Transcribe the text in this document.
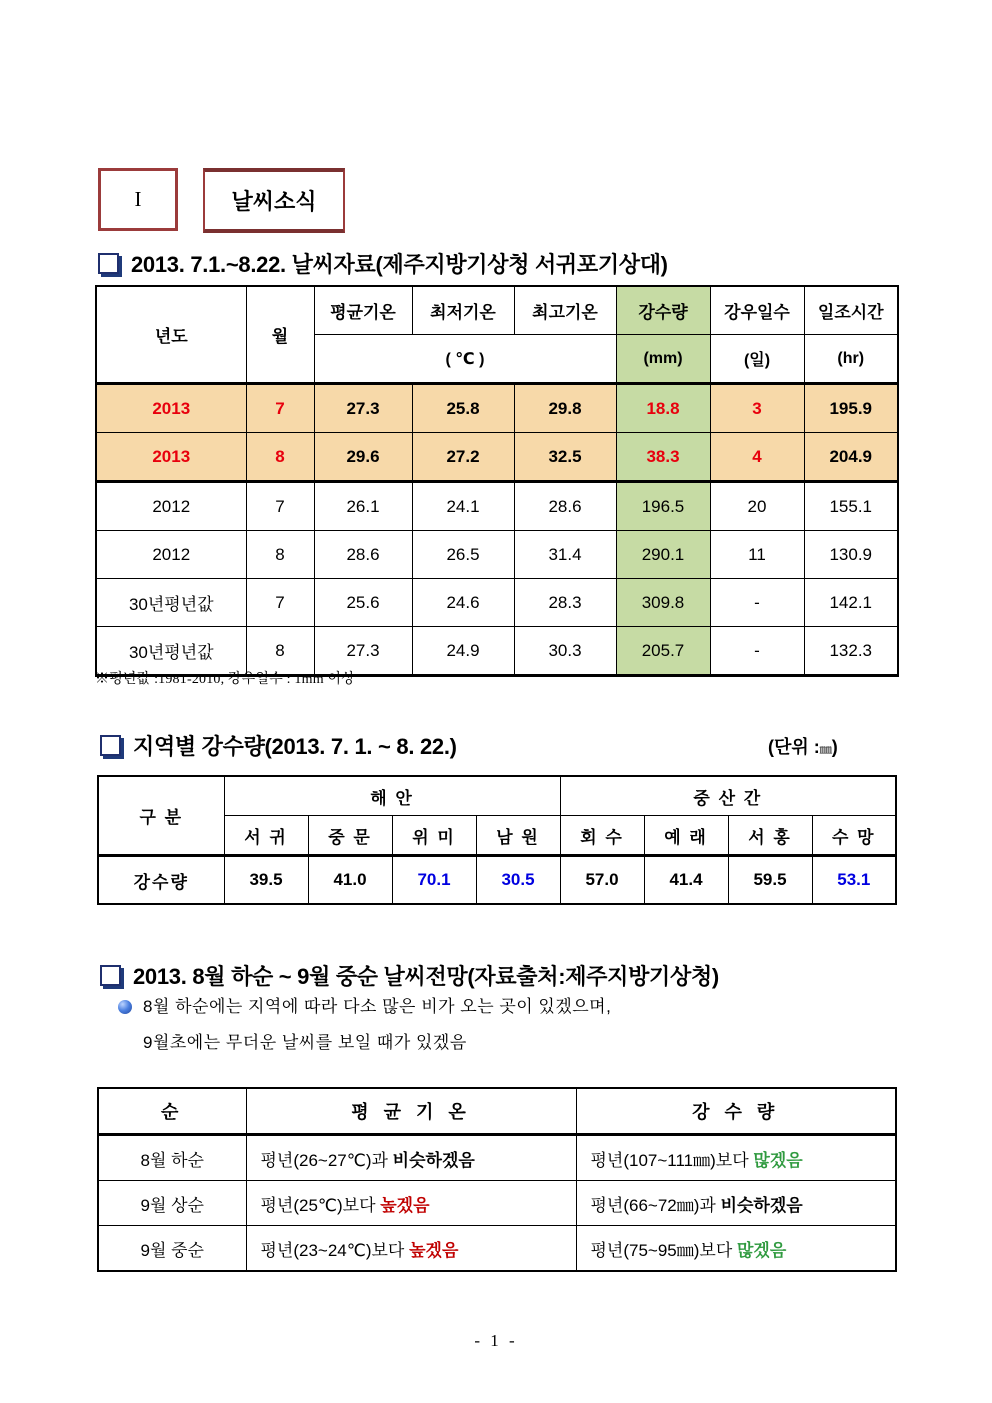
I	날씨소식
2013. 7.1.~8.22. 날씨자료(제주지방기상청 서귀포기상대)
년도	월	평균기온	최저기온	최고기온	강수량	강우일수	일조시간
		( ℃ )			(mm)	(일)	(hr)
2013	7	27.3	25.8	29.8	18.8	3	195.9
2013	8	29.6	27.2	32.5	38.3	4	204.9
2012	7	26.1	24.1	28.6	196.5	20	155.1
2012	8	28.6	26.5	31.4	290.1	11	130.9
30년평년값	7	25.6	24.6	28.3	309.8	-	142.1
30년평년값	8	27.3	24.9	30.3	205.7	-	132.3
※평년값 :1981-2010, 강우일수 : 1mm 이상
지역별 강수량(2013. 7. 1. ~ 8. 22.)	(단위 :㎜)
구 분	해 안				중 산 간			
	서 귀	중 문	위 미	남 원	회 수	예 래	서 홍	수 망
강수량	39.5	41.0	70.1	30.5	57.0	41.4	59.5	53.1
2013. 8월 하순 ~ 9월 중순 날씨전망(자료출처:제주지방기상청)
8월 하순에는 지역에 따라 다소 많은 비가 오는 곳이 있겠으며,
9월초에는 무더운 날씨를 보일 때가 있겠음
순	평 균 기 온	강 수 량
8월 하순	평년(26~27℃)과 비슷하겠음	평년(107~111㎜)보다 많겠음
9월 상순	평년(25℃)보다 높겠음	평년(66~72㎜)과 비슷하겠음
9월 중순	평년(23~24℃)보다 높겠음	평년(75~95㎜)보다 많겠음
- 1 -
